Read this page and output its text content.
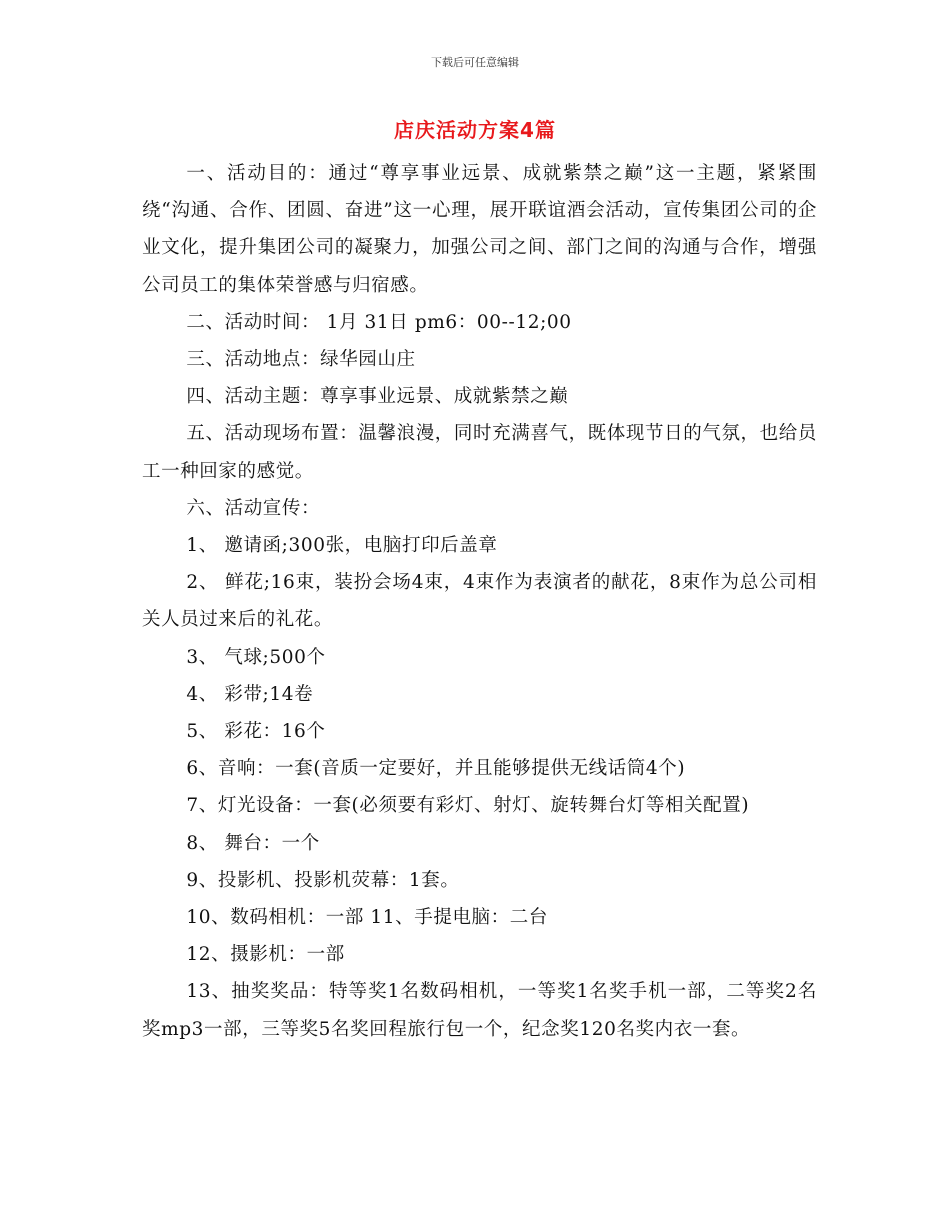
下载后可任意编辑
店庆活动方案4篇

一、活动目的：通过“尊享事业远景、成就紫禁之巅”这一主题，紧紧围绕“沟通、合作、团圆、奋进”这一心理，展开联谊酒会活动，宣传集团公司的企业文化，提升集团公司的凝聚力，加强公司之间、部门之间的沟通与合作，增强公司员工的集体荣誉感与归宿感。

二、活动时间： 1月 31日 pm6：00--12;00

三、活动地点：绿华园山庄

四、活动主题：尊享事业远景、成就紫禁之巅

五、活动现场布置：温馨浪漫，同时充满喜气，既体现节日的气氛，也给员工一种回家的感觉。

六、活动宣传：

1、 邀请函;300张，电脑打印后盖章

2、 鲜花;16束，装扮会场4束，4束作为表演者的献花，8束作为总公司相关人员过来后的礼花。

3、 气球;500个

4、 彩带;14卷

5、 彩花：16个

6、音响：一套(音质一定要好，并且能够提供无线话筒4个)

7、灯光设备：一套(必须要有彩灯、射灯、旋转舞台灯等相关配置)

8、 舞台：一个

9、投影机、投影机荧幕：1套。

10、数码相机：一部 11、手提电脑：二台

12、摄影机：一部

13、抽奖奖品：特等奖1名数码相机，一等奖1名奖手机一部，二等奖2名奖mp3一部，三等奖5名奖回程旅行包一个，纪念奖120名奖内衣一套。
